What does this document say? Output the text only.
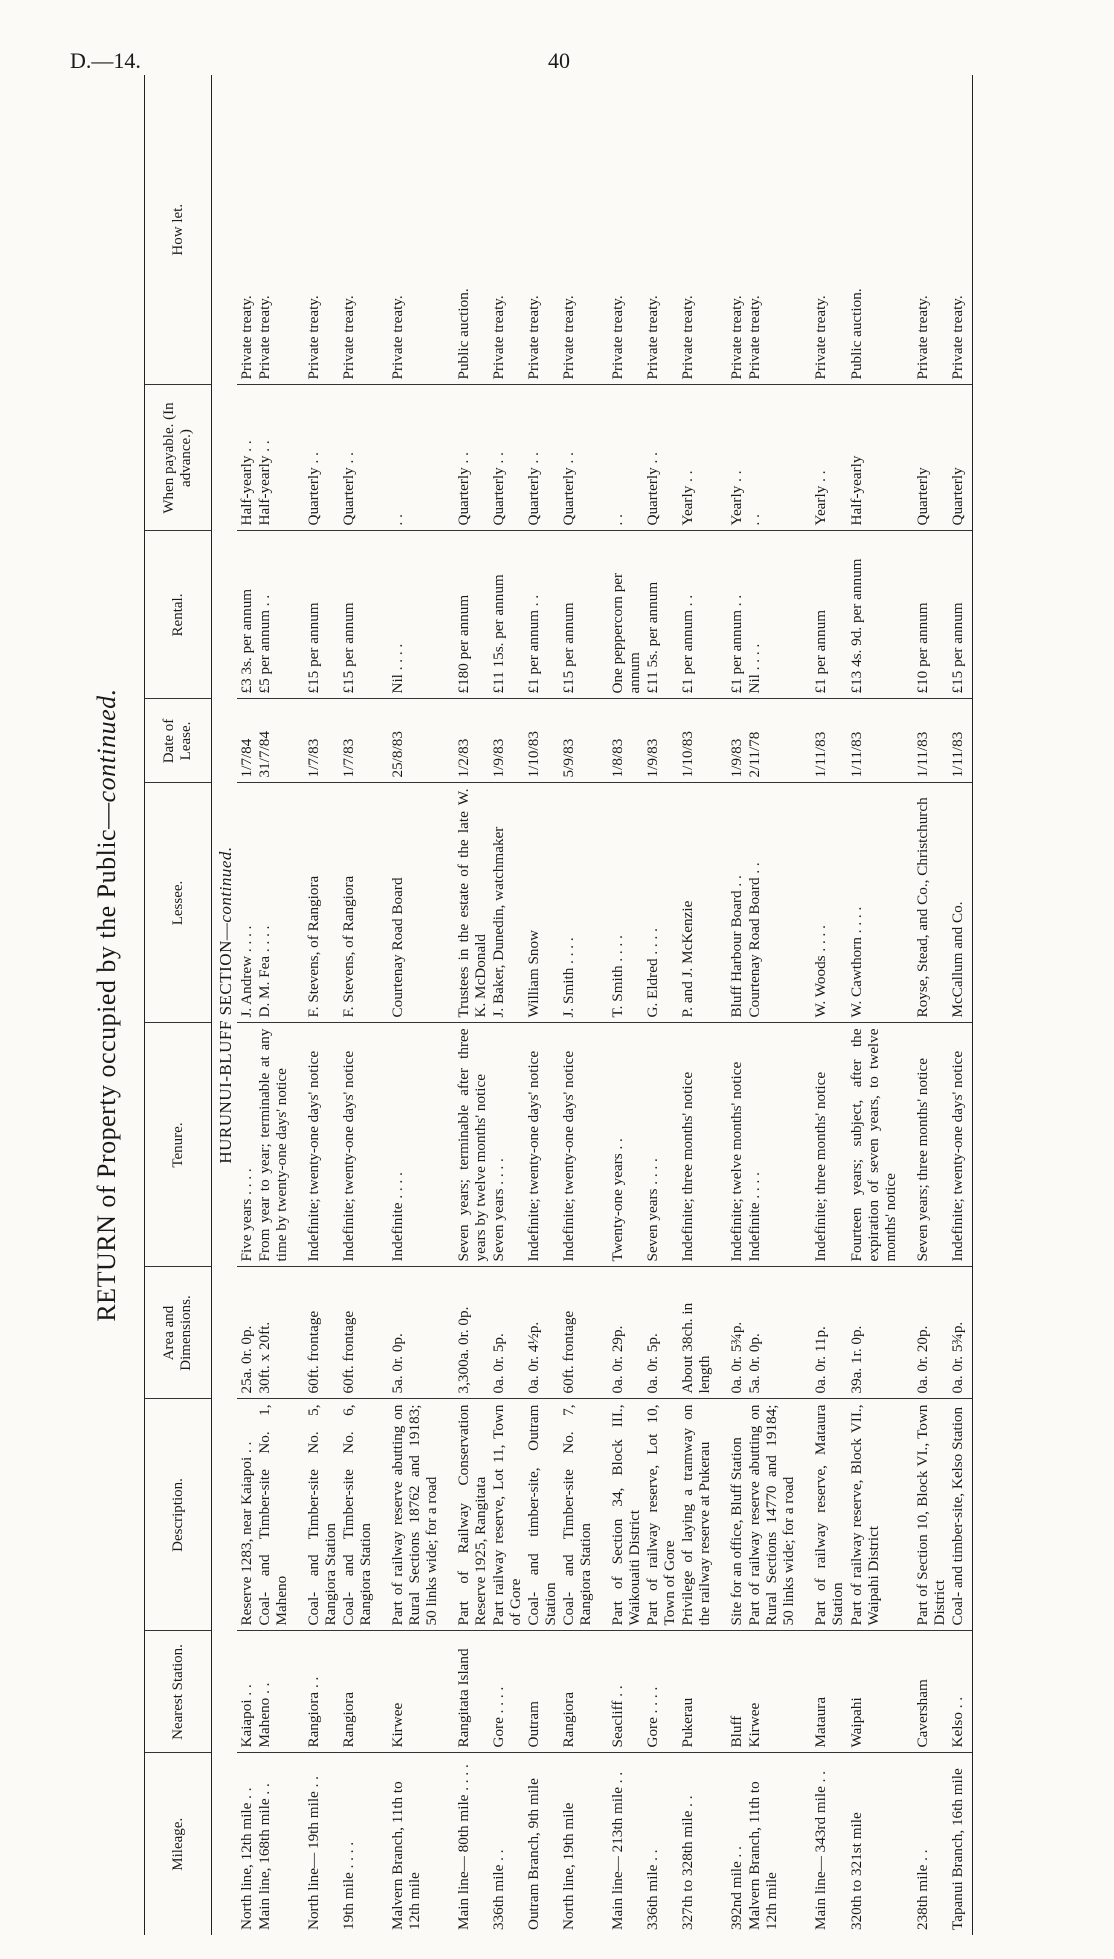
D.—14.	40
RETURN of Property occupied by the Public—continued.
Mileage.	Nearest Station.	Description.	Area and Dimensions.	Tenure.	Lessee.	Date of Lease.	Rental.	When payable. (In advance.)	How let.
HURUNUI-BLUFF SECTION—continued.									
North line, 12th mile . .	Kaiapoi . .	Reserve 1283, near Kaiapoi . .	25a. 0r. 0p.	Five years . . . .	J. Andrew . . . .	1/7/84	£3 3s. per annum	Half-yearly . .	Private treaty.
Main line, 168th mile . .	Maheno . .	Coal- and Timber-site No. 1, Maheno	30ft. x 20ft.	From year to year; terminable at any time by twenty-one days' notice	D. M. Fea . . . .	31/7/84	£5 per annum . .	Half-yearly . .	Private treaty.

North line— 19th mile . .	Rangiora . .	Coal- and Timber-site No. 5, Rangiora Station	60ft. frontage	Indefinite; twenty-one days' notice	F. Stevens, of Rangiora	1/7/83	£15 per annum	Quarterly . .	Private treaty.
19th mile . . . .	Rangiora	Coal- and Timber-site No. 6, Rangiora Station	60ft. frontage	Indefinite; twenty-one days' notice	F. Stevens, of Rangiora	1/7/83	£15 per annum	Quarterly . .	Private treaty.

Malvern Branch, 11th to 12th mile	Kirwee	Part of railway reserve abutting on Rural Sections 18762 and 19183; 50 links wide; for a road	5a. 0r. 0p.	Indefinite . . . .	Courtenay Road Board	25/8/83	Nil . . . .	. .	Private treaty.

Main line— 80th mile . . . .	Rangitata Island	Part of Railway Conservation Reserve 1925, Rangitata	3,300a. 0r. 0p.	Seven years; terminable after three years by twelve months' notice	Trustees in the estate of the late W. K. McDonald	1/2/83	£180 per annum	Quarterly . .	Public auction.
336th mile . .	Gore . . . .	Part railway reserve, Lot 11, Town of Gore	0a. 0r. 5p.	Seven years . . . .	J. Baker, Dunedin, watchmaker	1/9/83	£11 15s. per annum	Quarterly . .	Private treaty.
Outram Branch, 9th mile	Outram	Coal- and timber-site, Outram Station	0a. 0r. 4½p.	Indefinite; twenty-one days' notice	William Snow	1/10/83	£1 per annum . .	Quarterly . .	Private treaty.
North line, 19th mile	Rangiora	Coal- and Timber-site No. 7, Rangiora Station	60ft. frontage	Indefinite; twenty-one days' notice	J. Smith . . . .	5/9/83	£15 per annum	Quarterly . .	Private treaty.

Main line— 213th mile . .	Seacliff . .	Part of Section 34, Block III., Waikouaiti District	0a. 0r. 29p.	Twenty-one years . .	T. Smith . . . .	1/8/83	One peppercorn per annum	. .	Private treaty.
336th mile . .	Gore . . . .	Part of railway reserve, Lot 10, Town of Gore	0a. 0r. 5p.	Seven years . . . .	G. Eldred . . . .	1/9/83	£11 5s. per annum	Quarterly . .	Private treaty.
327th to 328th mile . .	Pukerau	Privilege of laying a tramway on the railway reserve at Pukerau	About 38ch. in length	Indefinite; three months' notice	P. and J. McKenzie	1/10/83	£1 per annum . .	Yearly . .	Private treaty.

392nd mile . .	Bluff	Site for an office, Bluff Station	0a. 0r. 5¾p.	Indefinite; twelve months' notice	Bluff Harbour Board . .	1/9/83	£1 per annum . .	Yearly . .	Private treaty.
Malvern Branch, 11th to 12th mile	Kirwee	Part of railway reserve abutting on Rural Sections 14770 and 19184; 50 links wide; for a road	5a. 0r. 0p.	Indefinite . . . .	Courtenay Road Board . .	2/11/78	Nil . . . .	. .	Private treaty.

Main line— 343rd mile . .	Mataura	Part of railway reserve, Mataura Station	0a. 0r. 11p.	Indefinite; three months' notice	W. Woods . . . .	1/11/83	£1 per annum	Yearly . .	Private treaty.
320th to 321st mile	Waipahi	Part of railway reserve, Block VII., Waipahi District	39a. 1r. 0p.	Fourteen years; subject, after the expiration of seven years, to twelve months' notice	W. Cawthorn . . . .	1/11/83	£13 4s. 9d. per annum	Half-yearly	Public auction.

238th mile . .	Caversham	Part of Section 10, Block VI., Town District	0a. 0r. 20p.	Seven years; three months' notice	Royse, Stead, and Co., Christchurch	1/11/83	£10 per annum	Quarterly	Private treaty.
Tapanui Branch, 16th mile	Kelso . .	Coal- and timber-site, Kelso Station	0a. 0r. 5¾p.	Indefinite; twenty-one days' notice	McCallum and Co.	1/11/83	£15 per annum	Quarterly	Private treaty.
